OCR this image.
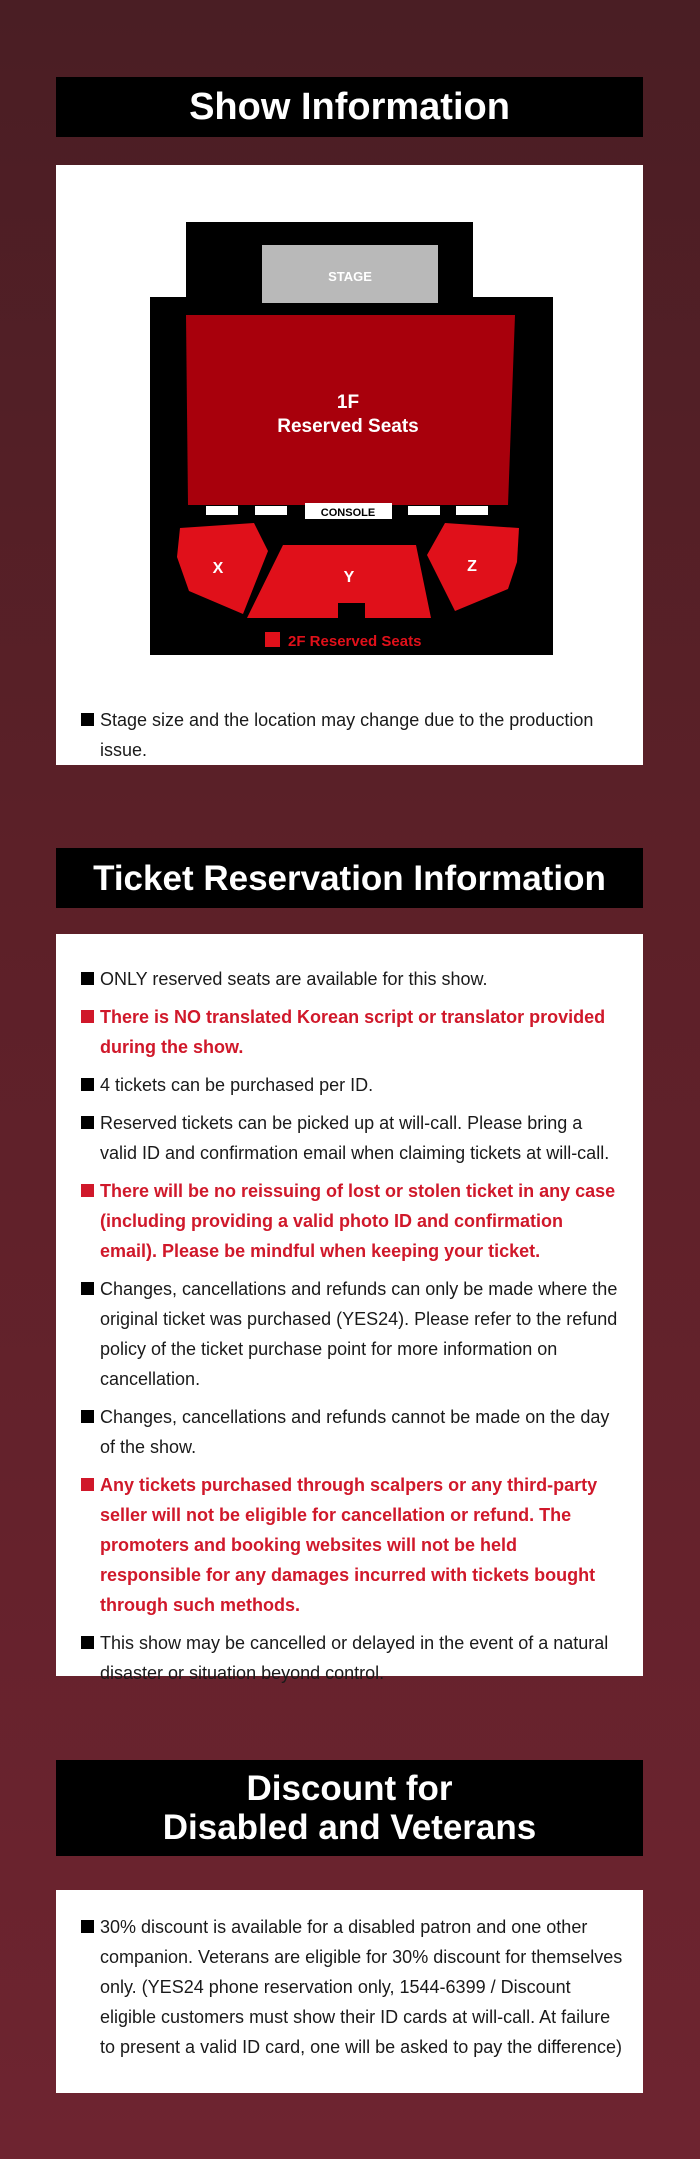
Show Information
STAGE
1F
Reserved Seats
CONSOLE
X
Y
Z
2F Reserved Seats
Stage size and the location may change due to the production issue.
Ticket Reservation Information
ONLY reserved seats are available for this show.
There is NO translated Korean script or translator provided during the show.
4 tickets can be purchased per ID.
Reserved tickets can be picked up at will-call. Please bring a valid ID and confirmation email when claiming tickets at will-call.
There will be no reissuing of lost or stolen ticket in any case (including providing a valid photo ID and confirmation email). Please be mindful when keeping your ticket.
Changes, cancellations and refunds can only be made where the original ticket was purchased (YES24). Please refer to the refund policy of the ticket purchase point for more information on cancellation.
Changes, cancellations and refunds cannot be made on the day of the show.
Any tickets purchased through scalpers or any third-party seller will not be eligible for cancellation or refund. The promoters and booking websites will not be held responsible for any damages incurred with tickets bought through such methods.
This show may be cancelled or delayed in the event of a natural disaster or situation beyond control.
Discount for
Disabled and Veterans
30% discount is available for a disabled patron and one other companion. Veterans are eligible for 30% discount for themselves only. (YES24 phone reservation only, 1544-6399 / Discount eligible customers must show their ID cards at will-call. At failure to present a valid ID card, one will be asked to pay the difference)
